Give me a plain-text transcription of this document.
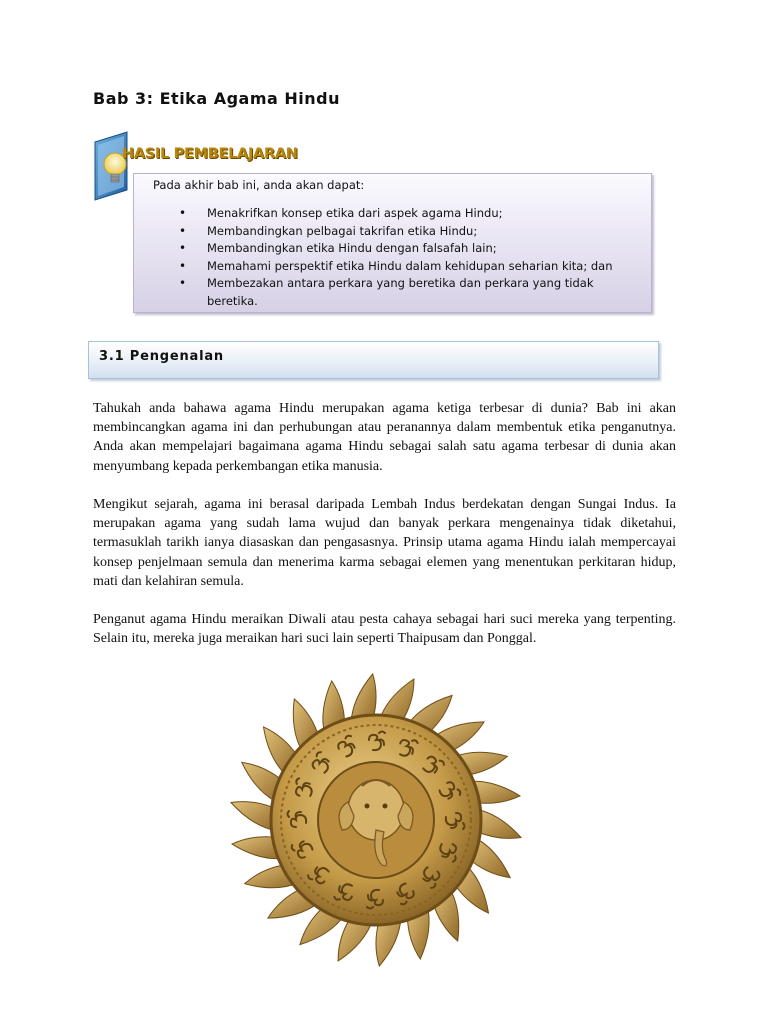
Bab 3: Etika Agama Hindu
HASIL PEMBELAJARAN
Pada akhir bab ini, anda akan dapat:
• Menakrifkan konsep etika dari aspek agama Hindu;
• Membandingkan pelbagai takrifan etika Hindu;
• Membandingkan etika Hindu dengan falsafah lain;
• Memahami perspektif etika Hindu dalam kehidupan seharian kita; dan
• Membezakan antara perkara yang beretika dan perkara yang tidak beretika.
3.1 Pengenalan

Tahukah anda bahawa agama Hindu merupakan agama ketiga terbesar di dunia? Bab ini akan membincangkan agama ini dan perhubungan atau peranannya dalam membentuk etika penganutnya. Anda akan mempelajari bagaimana agama Hindu sebagai salah satu agama terbesar di dunia akan menyumbang kepada perkembangan etika manusia.

Mengikut sejarah, agama ini berasal daripada Lembah Indus berdekatan dengan Sungai Indus. Ia merupakan agama yang sudah lama wujud dan banyak perkara mengenainya tidak diketahui, termasuklah tarikh ianya diasaskan dan pengasasnya. Prinsip utama agama Hindu ialah mempercayai konsep penjelmaan semula dan menerima karma sebagai elemen yang menentukan perkitaran hidup, mati dan kelahiran semula.

Penganut agama Hindu meraikan Diwali atau pesta cahaya sebagai hari suci mereka yang terpenting. Selain itu, mereka juga meraikan hari suci lain seperti Thaipusam dan Ponggal.
